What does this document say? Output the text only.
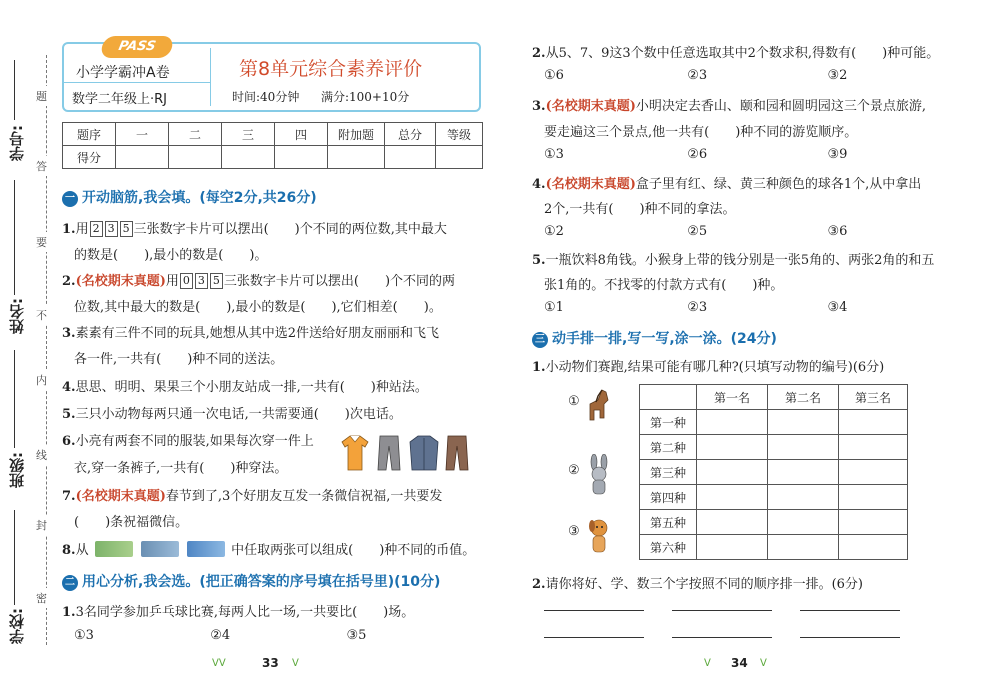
学号:
姓名:
班级:
学校:
题
答
要
不
内
线
封
密
PASS
小学学霸冲A卷
数学二年级上·RJ
第8单元综合素养评价
时间:40分钟 满分:100+10分
题序	一	二	三	四	附加题	总分	等级
得分							
一 开动脑筋,我会填。(每空2分,共26分)
1.用 2 3 5 三张数字卡片可以摆出(　　)个不同的两位数,其中最大
的数是(　　),最小的数是(　　)。
2.(名校期末真题)用 0 3 5 三张数字卡片可以摆出(　　)个不同的两
位数,其中最大的数是(　　),最小的数是(　　),它们相差(　　)。
3.素素有三件不同的玩具,她想从其中选2件送给好朋友丽丽和飞飞
各一件,一共有(　　)种不同的送法。
4.思思、明明、果果三个小朋友站成一排,一共有(　　)种站法。
5.三只小动物每两只通一次电话,一共需要通(　　)次电话。
6.小亮有两套不同的服装,如果每次穿一件上
衣,穿一条裤子,一共有(　　)种穿法。
7.(名校期末真题)春节到了,3个好朋友互发一条微信祝福,一共要发
(　　)条祝福微信。
8.从	中任取两张可以组成(　　)种不同的币值。
二 用心分析,我会选。(把正确答案的序号填在括号里)(10分)
1.3名同学参加乒乓球比赛,每两人比一场,一共要比(　　)场。
①3	②4	③5
ᐯᐯ	33 ᐯ
2.从5、7、9这3个数中任意选取其中2个数求积,得数有(　　)种可能。
①6	②3	③2
3.(名校期末真题)小明决定去香山、颐和园和圆明园这三个景点旅游,
要走遍这三个景点,他一共有(　　)种不同的游览顺序。
①3	②6	③9
4.(名校期末真题)盒子里有红、绿、黄三种颜色的球各1个,从中拿出
2个,一共有(　　)种不同的拿法。
①2	②5	③6
5.一瓶饮料8角钱。小猴身上带的钱分别是一张5角的、两张2角的和五
张1角的。不找零的付款方式有(　　)种。
①1	②3	③4
三 动手排一排,写一写,涂一涂。(24分)
1.小动物们赛跑,结果可能有哪几种?(只填写动物的编号)(6分)
①
②
③
	第一名	第二名	第三名
第一种			
第二种			
第三种			
第四种			
第五种			
第六种			
2.请你将好、学、数三个字按照不同的顺序排一排。(6分)
ᐯ 34 ᐯ
